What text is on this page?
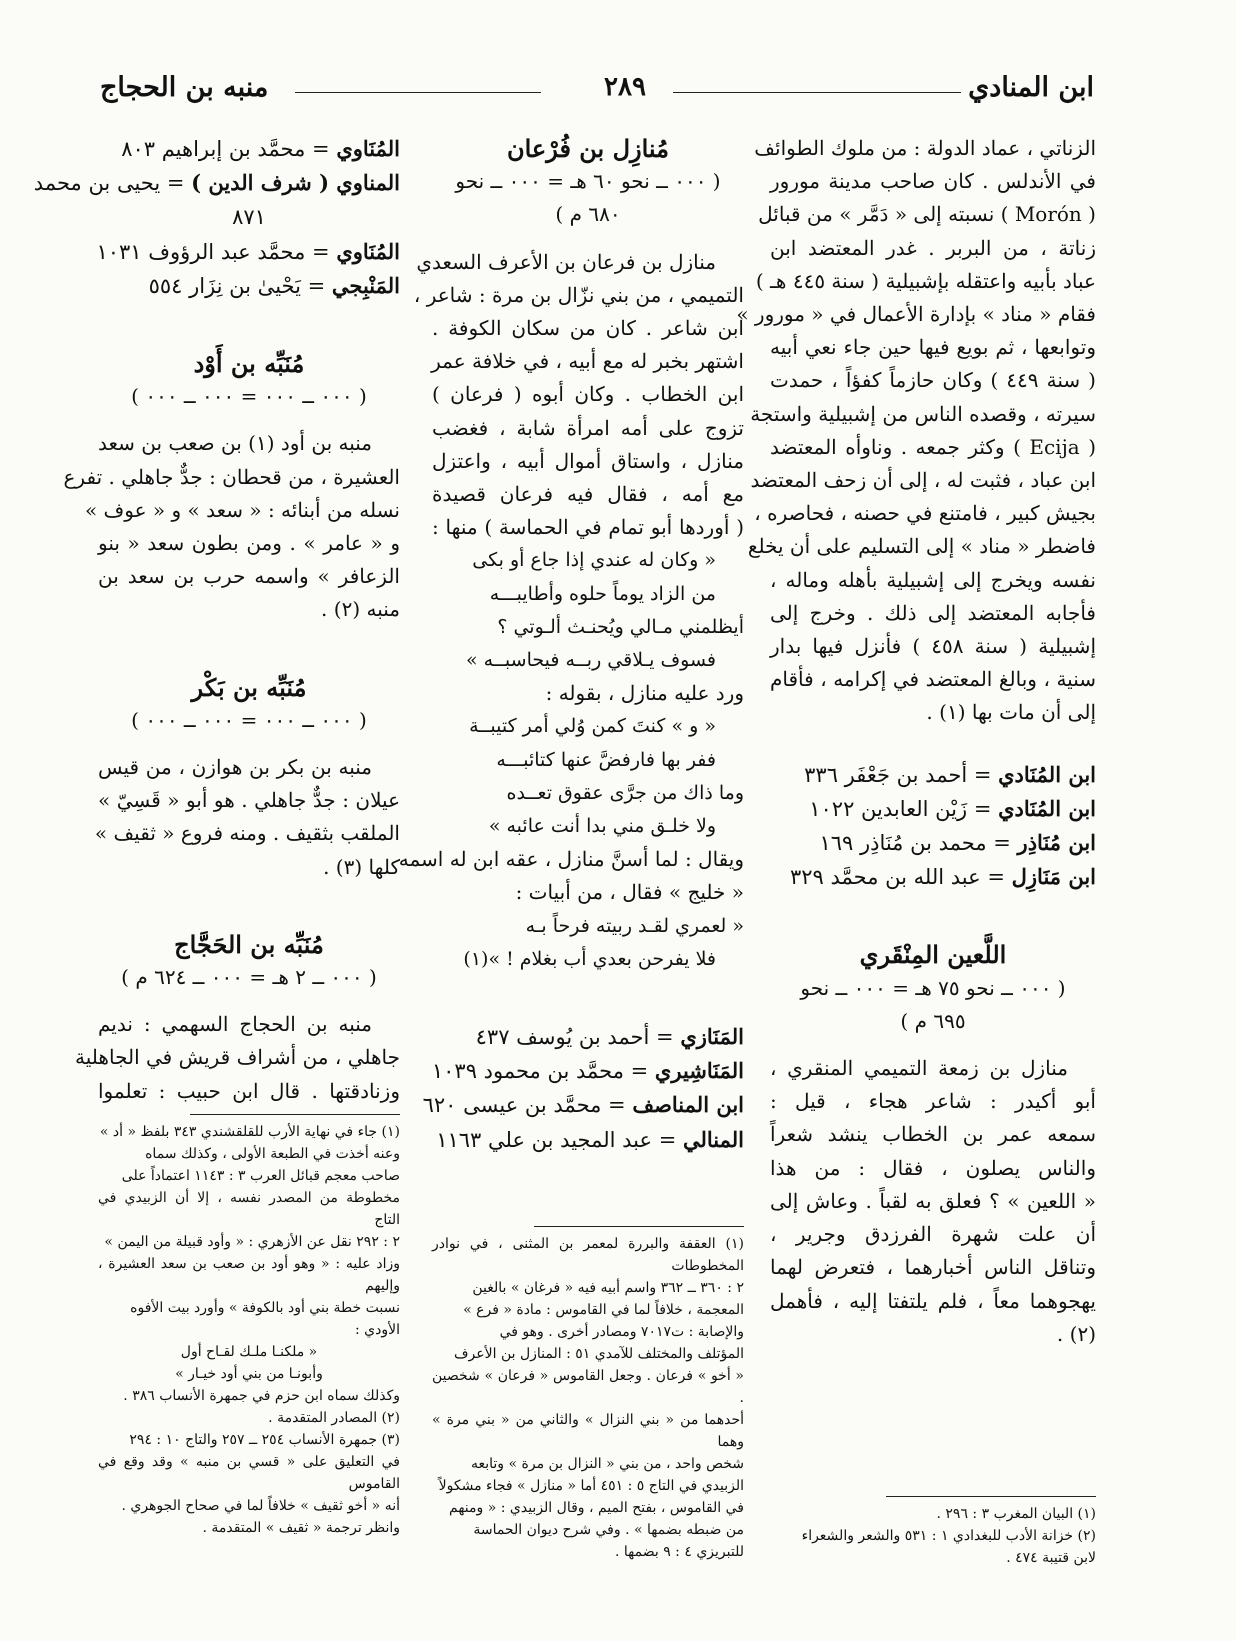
ابن المنادي
٢٨٩
منبه بن الحجاج

الزناتي ، عماد الدولة : من ملوك الطوائف

في الأندلس . كان صاحب مدينة مورور

( Morón ) نسبته إلى « دَمَّر » من قبائل

زناتة ، من البربر . غدر المعتضد ابن

عباد بأبيه واعتقله بإشبيلية ( سنة ٤٤٥ هـ )

فقام « مناد » بإدارة الأعمال في « مورور »

وتوابعها ، ثم بويع فيها حين جاء نعي أبيه

( سنة ٤٤٩ ) وكان حازماً كفؤاً ، حمدت

سيرته ، وقصده الناس من إشبيلية واستجة

( Ecija ) وكثر جمعه . وناوأه المعتضد

ابن عباد ، فثبت له ، إلى أن زحف المعتضد

بجيش كبير ، فامتنع في حصنه ، فحاصره ،

فاضطر « مناد » إلى التسليم على أن يخلع

نفسه ويخرج إلى إشبيلية بأهله وماله ،

فأجابه المعتضد إلى ذلك . وخرج إلى

إشبيلية ( سنة ٤٥٨ ) فأنزل فيها بدار

سنية ، وبالغ المعتضد في إكرامه ، فأقام

إلى أن مات بها (١) .

ابن المُنَادي = أحمد بن جَعْفَر ٣٣٦

ابن المُنَادي = زَيْن العابدين ١٠٢٢

ابن مُنَاذِر = محمد بن مُنَاذِر ١٦٩

ابن مَنَازِل = عبد الله بن محمَّد ٣٢٩

اللَّعين المِنْقَري

( ٠٠٠ ــ نحو ٧٥ هـ = ٠٠٠ ــ نحو

٦٩٥ م )

منازل بن زمعة التميمي المنقري ،

أبو أكيدر : شاعر هجاء ، قيل :

سمعه عمر بن الخطاب ينشد شعراً

والناس يصلون ، فقال : من هذا

« اللعين » ؟ فعلق به لقباً . وعاش إلى

أن علت شهرة الفرزدق وجرير ،

وتناقل الناس أخبارهما ، فتعرض لهما

يهجوهما معاً ، فلم يلتفتا إليه ، فأهمل (٢) .

(١) البيان المغرب ٣ : ٢٩٦ .

(٢) خزانة الأدب للبغدادي ١ : ٥٣١ والشعر والشعراء

لابن قتيبة ٤٧٤ .

مُنازِل بن فُرْعان

( ٠٠٠ ــ نحو ٦٠ هـ = ٠٠٠ ــ نحو

٦٨٠ م )

منازل بن فرعان بن الأعرف السعدي

التميمي ، من بني نزّال بن مرة : شاعر ،

ابن شاعر . كان من سكان الكوفة .

اشتهر بخبر له مع أبيه ، في خلافة عمر

ابن الخطاب . وكان أبوه ( فرعان )

تزوج على أمه امرأة شابة ، فغضب

منازل ، واستاق أموال أبيه ، واعتزل

مع أمه ، فقال فيه فرعان قصيدة

( أوردها أبو تمام في الحماسة ) منها :

« وكان له عندي إذا جاع أو بكى

من الزاد يوماً حلوه وأطايبـــه

أيظلمني مـالي ويُحنـث ألـوتي ؟

فسوف يـلاقي ربــه فيحاسبــه »

ورد عليه منازل ، بقوله :

« و » كنتَ كمن وُلي أمر كتيبــة

ففر بها فارفضَّ عنها كتائبـــه

وما ذاك من جرَّى عقوق تعــده

ولا خلـق مني بدا أنت عائبه »

ويقال : لما أسنَّ منازل ، عقه ابن له اسمه

« خليج » فقال ، من أبيات :

« لعمري لقـد ربيته فرحاً بـه

فلا يفرحن بعدي أب بغلام ! »(١)

المَنَازي = أحمد بن يُوسف ٤٣٧

المَنَاشِيري = محمَّد بن محمود ١٠٣٩

ابن المناصف = محمَّد بن عيسى ٦٢٠

المنالي = عبد المجيد بن علي ١١٦٣

(١) العقفة والبررة لمعمر بن المثنى ، في نوادر المخطوطات

٢ : ٣٦٠ ــ ٣٦٢ واسم أبيه فيه « فرغان » بالغين

المعجمة ، خلافاً لما في القاموس : مادة « فرع »

والإصابة : ت٧٠١٧ ومصادر أخرى . وهو في

المؤتلف والمختلف للآمدي ٥١ : المنازل بن الأعرف

« أخو » فرعان . وجعل القاموس « فرعان » شخصين .

أحدهما من « بني النزال » والثاني من « بني مرة » وهما

شخص واحد ، من بني « النزال بن مرة » وتابعه

الزبيدي في التاج ٥ : ٤٥١ أما « منازل » فجاء مشكولاً

في القاموس ، بفتح الميم ، وقال الزبيدي : « ومنهم

من ضبطه بضمها » . وفي شرح ديوان الحماسة

للتبريزي ٤ : ٩ بضمها .

المُنَاوي = محمَّد بن إبراهيم ٨٠٣

المناوي ( شرف الدين ) = يحيى بن محمد

٨٧١

المُنَاوي = محمَّد عبد الرؤوف ١٠٣١

المَنْبِجي = يَحْيىٰ بن نِزَار ٥٥٤

مُنَبِّه بن أَوْد

( ٠٠٠ ــ ٠٠٠ = ٠٠٠ ــ ٠٠٠ )

منبه بن أود (١) بن صعب بن سعد

العشيرة ، من قحطان : جدٌّ جاهلي . تفرع

نسله من أبنائه : « سعد » و « عوف »

و « عامر » . ومن بطون سعد « بنو

الزعافر » واسمه حرب بن سعد بن

منبه (٢) .

مُنَبِّه بن بَكْر

( ٠٠٠ ــ ٠٠٠ = ٠٠٠ ــ ٠٠٠ )

منبه بن بكر بن هوازن ، من قيس

عيلان : جدٌّ جاهلي . هو أبو « قَسِيّ »

الملقب بثقيف . ومنه فروع « ثقيف »

كلها (٣) .

مُنَبِّه بن الحَجَّاج

( ٠٠٠ ــ ٢ هـ = ٠٠٠ ــ ٦٢٤ م )

منبه بن الحجاج السهمي : نديم

جاهلي ، من أشراف قريش في الجاهلية

وزنادقتها . قال ابن حبيب : تعلموا

(١) جاء في نهاية الأرب للقلقشندي ٣٤٣ بلفظ « أد »

وعنه أخذت في الطبعة الأولى ، وكذلك سماه

صاحب معجم قبائل العرب ٣ : ١١٤٣ اعتماداً على

مخطوطة من المصدر نفسه ، إلا أن الزبيدي في التاج

٢ : ٢٩٢ نقل عن الأزهري : « وأود قبيلة من اليمن »

وزاد عليه : « وهو أود بن صعب بن سعد العشيرة ، وإليهم

نسبت خطة بني أود بالكوفة » وأورد بيت الأفوه

الأودي :

« ملكنـا ملـك لقـاح أول

وأبونـا من بني أود خيـار »

وكذلك سماه ابن حزم في جمهرة الأنساب ٣٨٦ .

(٢) المصادر المتقدمة .

(٣) جمهرة الأنساب ٢٥٤ ــ ٢٥٧ والتاج ١٠ : ٢٩٤

في التعليق على « قسي بن منبه » وقد وقع في القاموس

أنه « أخو ثقيف » خلافاً لما في صحاح الجوهري .

وانظر ترجمة « ثقيف » المتقدمة .
